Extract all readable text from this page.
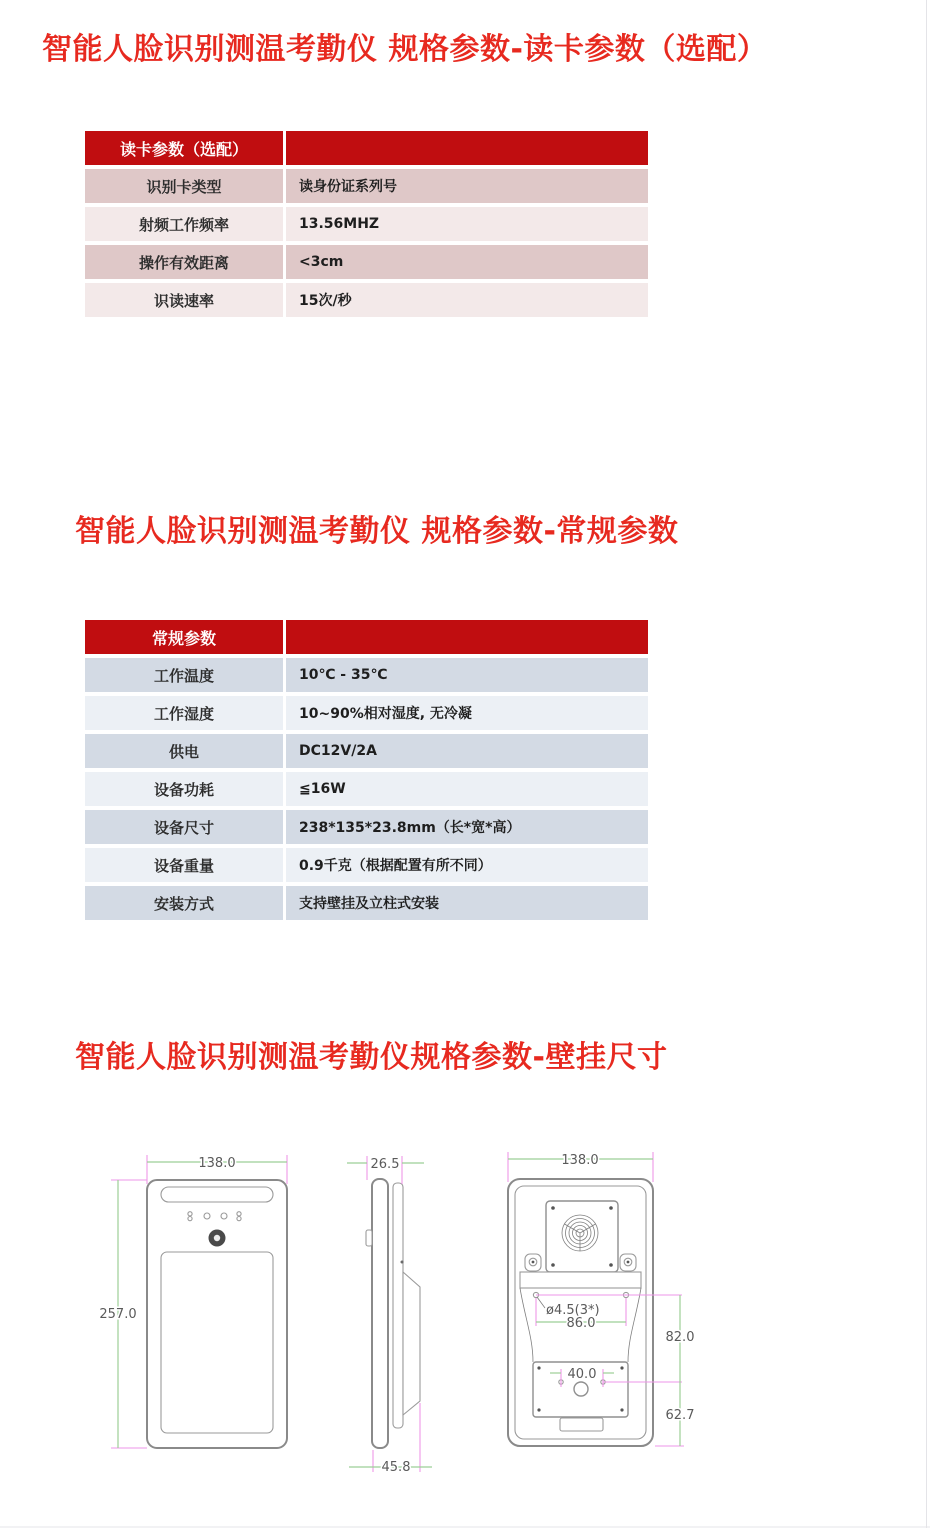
智能人脸识别测温考勤仪 规格参数-读卡参数（选配）
读卡参数（选配）
识别卡类型	读身份证系列号
射频工作频率	13.56MHZ
操作有效距离	<3cm
识读速率	15次/秒
智能人脸识别测温考勤仪 规格参数-常规参数
常规参数
工作温度	10℃ - 35℃
工作湿度	10~90%相对湿度, 无冷凝
供电	DC12V/2A
设备功耗	≦16W
设备尺寸	238*135*23.8mm（长*宽*高）
设备重量	0.9千克（根据配置有所不同）
安装方式	支持壁挂及立柱式安装
智能人脸识别测温考勤仪规格参数-壁挂尺寸
138.0
257.0
26.5
45.8
138.0
ø4.5(3*)
86.0
40.0
82.0
62.7
